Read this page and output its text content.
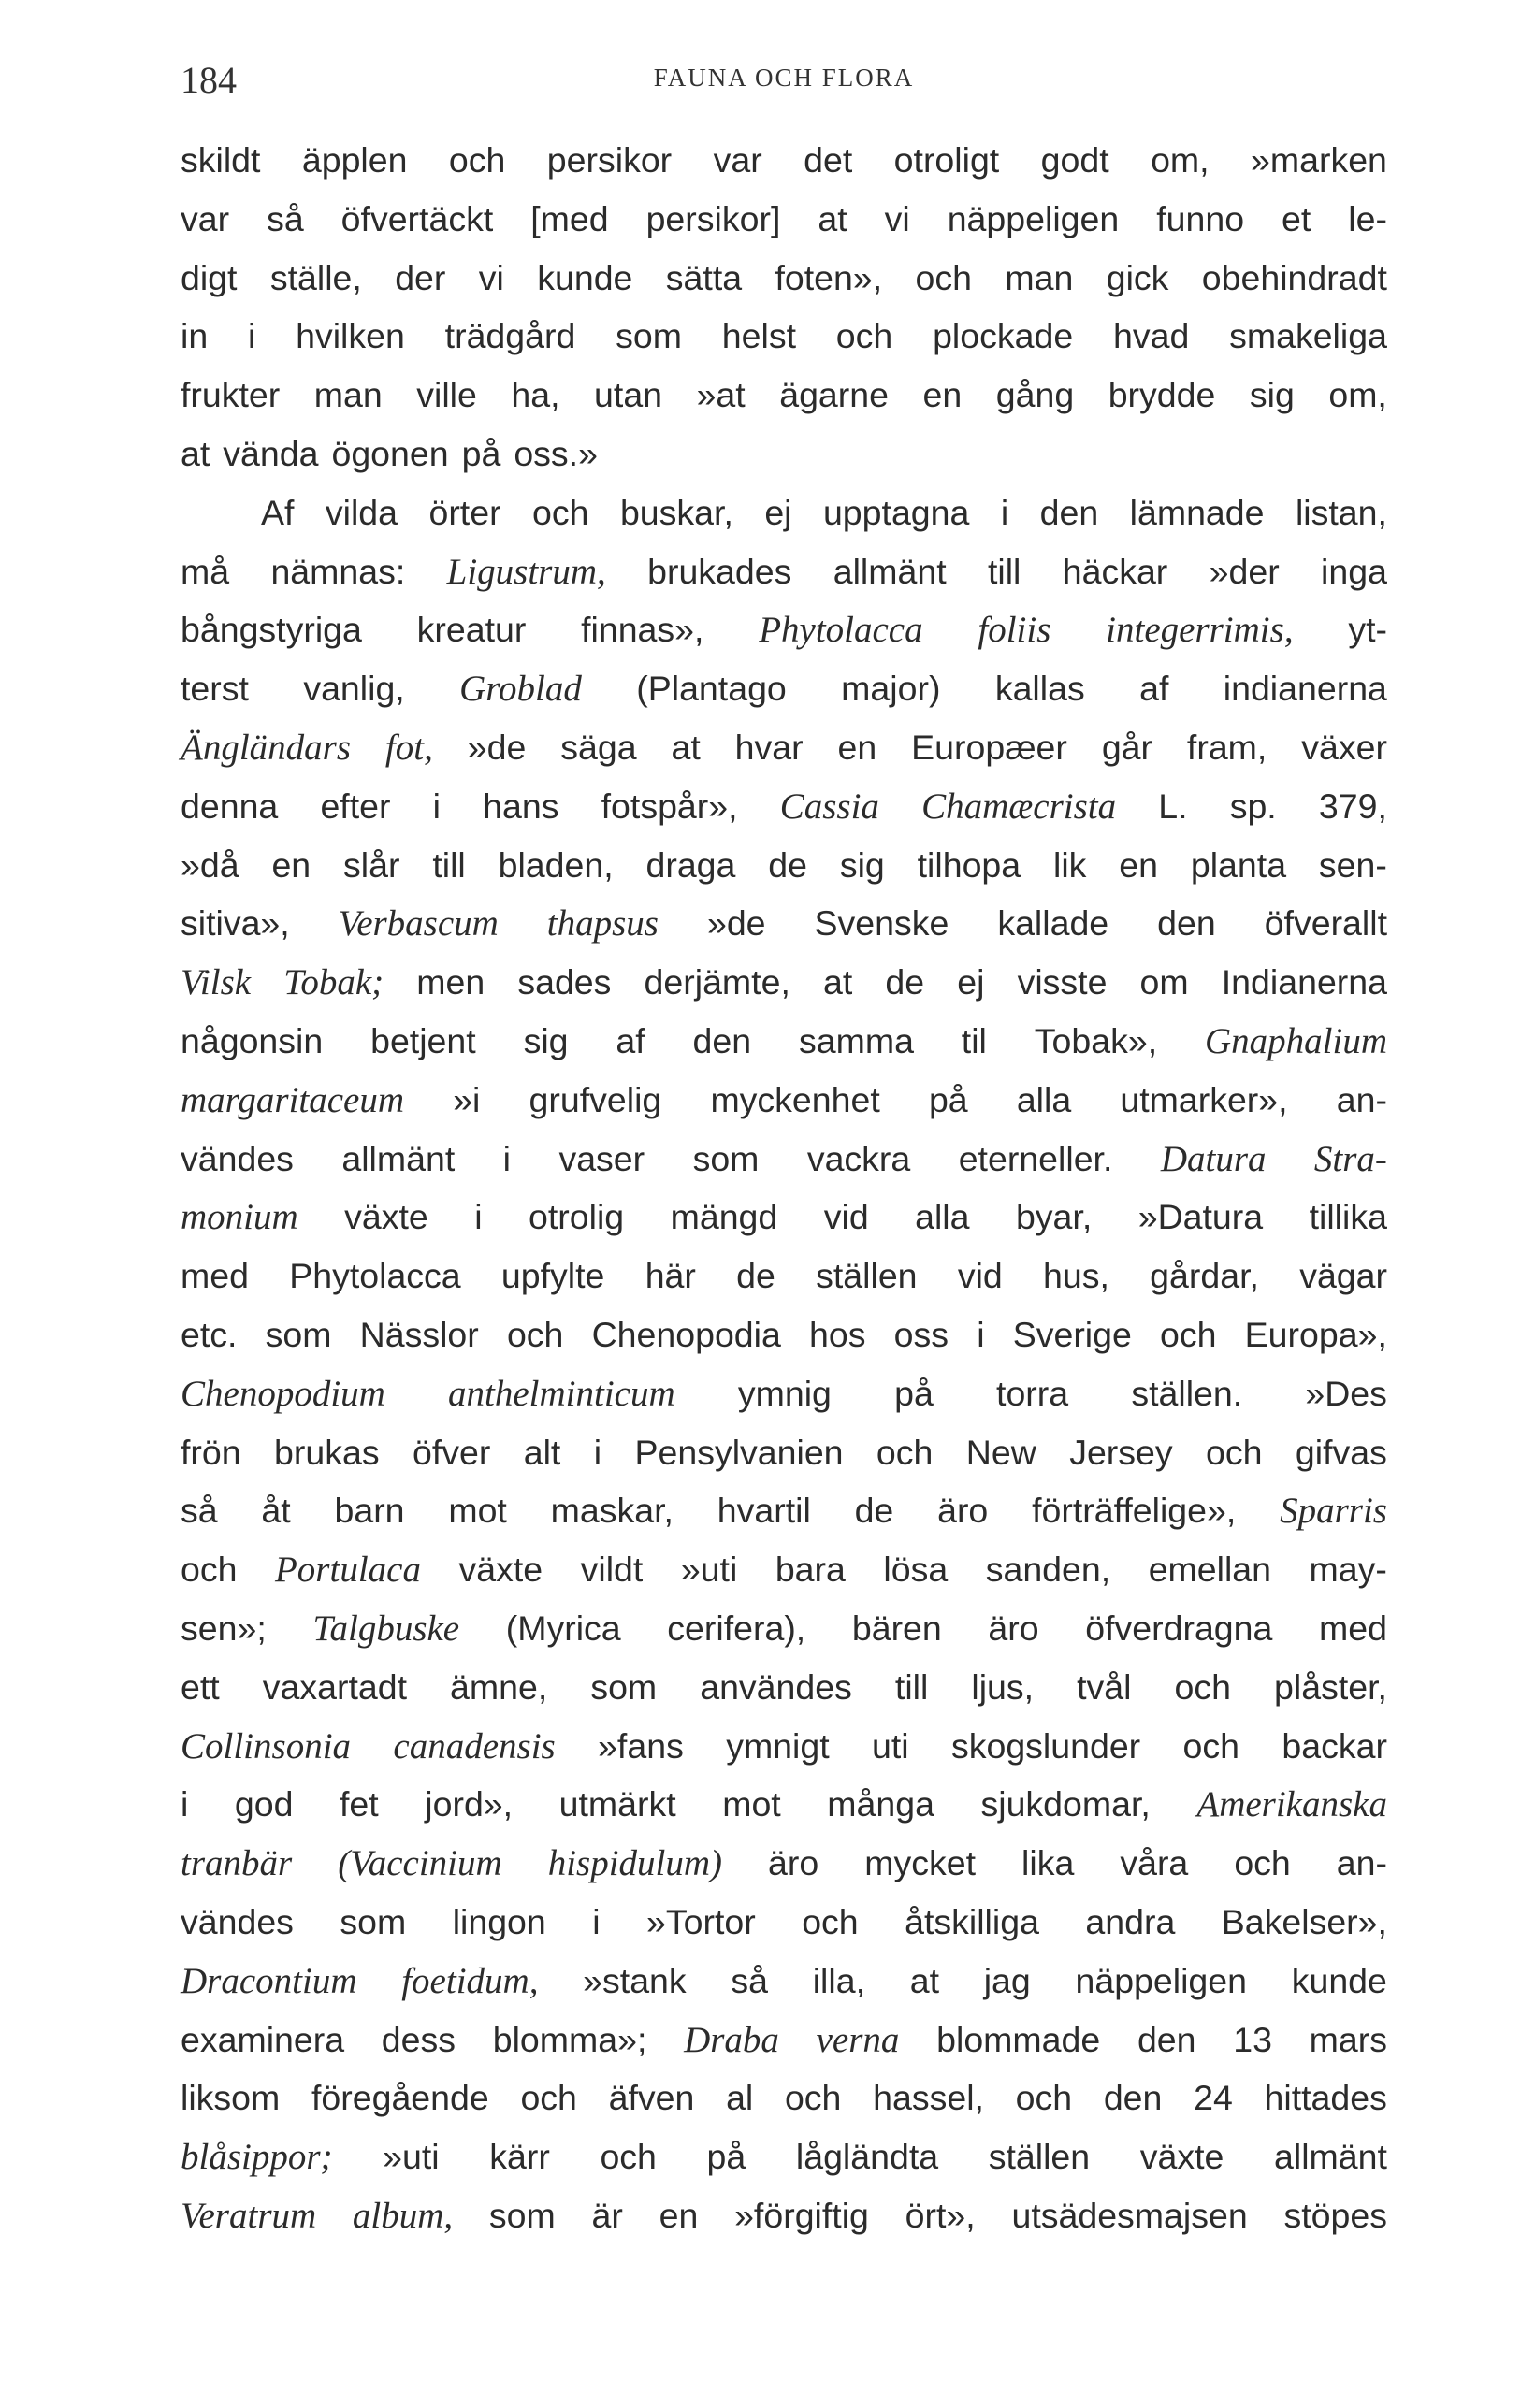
184	FAUNA OCH FLORA
skildt äpplen och persikor var det otroligt godt om, »marken
var så öfvertäckt [med persikor] at vi näppeligen funno et le-
digt ställe, der vi kunde sätta foten», och man gick obehindradt
in i hvilken trädgård som helst och plockade hvad smakeliga
frukter man ville ha, utan »at ägarne en gång brydde sig om,
at vända ögonen på oss.»
Af vilda örter och buskar, ej upptagna i den lämnade listan,
må nämnas: Ligustrum, brukades allmänt till häckar »der inga
bångstyriga kreatur finnas», Phytolacca foliis integerrimis, yt-
terst vanlig, Groblad (Plantago major) kallas af indianerna
Ängländars fot, »de säga at hvar en Europæer går fram, växer
denna efter i hans fotspår», Cassia Chamæcrista L. sp. 379,
»då en slår till bladen, draga de sig tilhopa lik en planta sen-
sitiva», Verbascum thapsus »de Svenske kallade den öfverallt
Vilsk Tobak; men sades derjämte, at de ej visste om Indianerna
någonsin betjent sig af den samma til Tobak», Gnaphalium
margaritaceum »i grufvelig myckenhet på alla utmarker», an-
vändes allmänt i vaser som vackra eterneller. Datura Stra-
monium växte i otrolig mängd vid alla byar, »Datura tillika
med Phytolacca upfylte här de ställen vid hus, gårdar, vägar
etc. som Nässlor och Chenopodia hos oss i Sverige och Europa»,
Chenopodium anthelminticum ymnig på torra ställen. »Des
frön brukas öfver alt i Pensylvanien och New Jersey och gifvas
så åt barn mot maskar, hvartil de äro förträffelige», Sparris
och Portulaca växte vildt »uti bara lösa sanden, emellan may-
sen»; Talgbuske (Myrica cerifera), bären äro öfverdragna med
ett vaxartadt ämne, som användes till ljus, tvål och plåster,
Collinsonia canadensis »fans ymnigt uti skogslunder och backar
i god fet jord», utmärkt mot många sjukdomar, Amerikanska
tranbär (Vaccinium hispidulum) äro mycket lika våra och an-
vändes som lingon i »Tortor och åtskilliga andra Bakelser»,
Dracontium foetidum, »stank så illa, at jag näppeligen kunde
examinera dess blomma»; Draba verna blommade den 13 mars
liksom föregående och äfven al och hassel, och den 24 hittades
blåsippor; »uti kärr och på lågländta ställen växte allmänt
Veratrum album, som är en »förgiftig ört», utsädesmajsen stöpes
